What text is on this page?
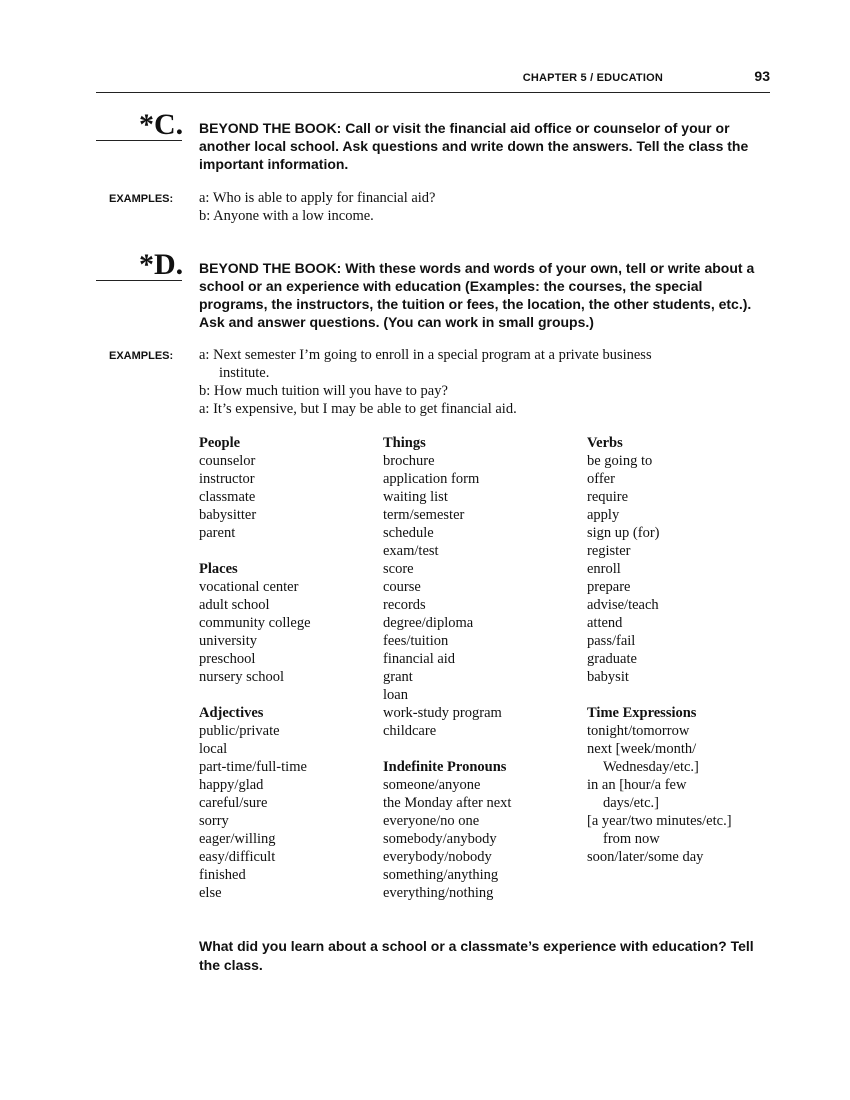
CHAPTER 5 / EDUCATION	93
*C. BEYOND THE BOOK: Call or visit the financial aid office or counselor of your or another local school. Ask questions and write down the answers. Tell the class the important information.
EXAMPLES: a: Who is able to apply for financial aid?
b: Anyone with a low income.
*D. BEYOND THE BOOK: With these words and words of your own, tell or write about a school or an experience with education (Examples: the courses, the special programs, the instructors, the tuition or fees, the location, the other students, etc.). Ask and answer questions. (You can work in small groups.)
EXAMPLES: a: Next semester I’m going to enroll in a special program at a private business
institute.
b: How much tuition will you have to pay?
a: It’s expensive, but I may be able to get financial aid.
People
counselor
instructor
classmate
babysitter
parent
Places
vocational center
adult school
community college
university
preschool
nursery school
Adjectives
public/private
local
part-time/full-time
happy/glad
careful/sure
sorry
eager/willing
easy/difficult
finished
else
Things
brochure
application form
waiting list
term/semester
schedule
exam/test
score
course
records
degree/diploma
fees/tuition
financial aid
grant
loan
work-study program
childcare
Indefinite Pronouns
someone/anyone
the Monday after next
everyone/no one
somebody/anybody
everybody/nobody
something/anything
everything/nothing
Verbs
be going to
offer
require
apply
sign up (for)
register
enroll
prepare
advise/teach
attend
pass/fail
graduate
babysit
Time Expressions
tonight/tomorrow
next [week/month/
Wednesday/etc.]
in an [hour/a few
days/etc.]
[a year/two minutes/etc.]
from now
soon/later/some day
What did you learn about a school or a classmate’s experience with education? Tell the class.
